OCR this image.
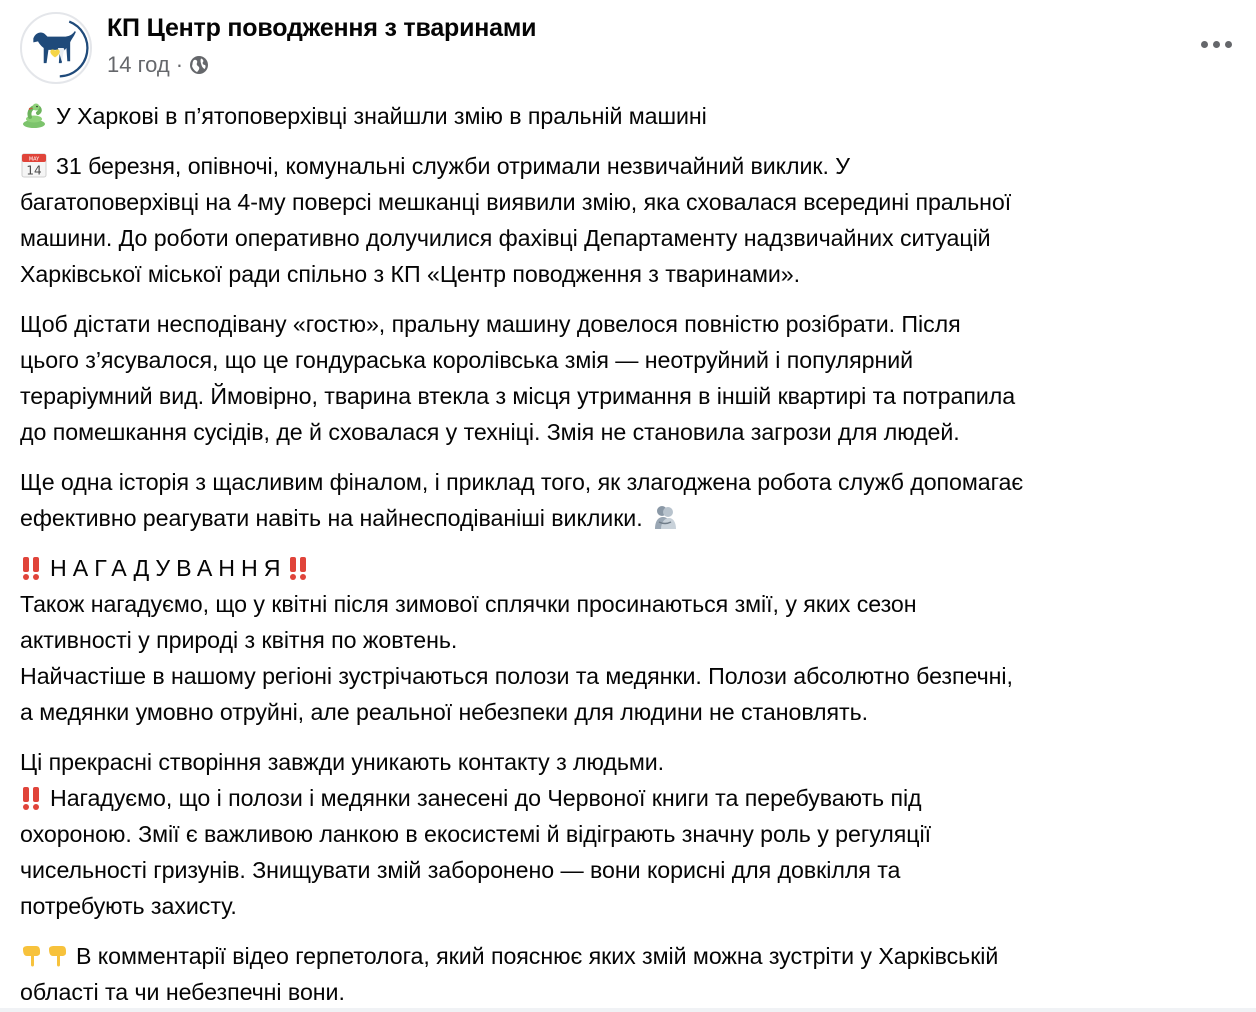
КП Центр поводження з тваринами
14 год ·
У Харкові в п’ятоповерхівці знайшли змію в пральній машині
MAY
14 31 березня, опівночі, комунальні служби отримали незвичайний виклик. У
багатоповерхівці на 4-му поверсі мешканці виявили змію, яка сховалася всередині пральної
машини. До роботи оперативно долучилися фахівці Департаменту надзвичайних ситуацій
Харківської міської ради спільно з КП «Центр поводження з тваринами».
Щоб дістати несподівану «гостю», пральну машину довелося повністю розібрати. Після
цього з’ясувалося, що це гондураська королівська змія — неотруйний і популярний
тераріумний вид. Ймовірно, тварина втекла з місця утримання в іншій квартирі та потрапила
до помешкання сусідів, де й сховалася у техніці. Змія не становила загрози для людей.
Ще одна історія з щасливим фіналом, і приклад того, як злагоджена робота служб допомагає
ефективно реагувати навіть на найнесподіваніші виклики.
НАГАДУВАННЯ
Також нагадуємо, що у квітні після зимової сплячки просинаються змії, у яких сезон
активності у природі з квітня по жовтень.
Найчастіше в нашому регіоні зустрічаються полози та медянки. Полози абсолютно безпечні,
а медянки умовно отруйні, але реальної небезпеки для людини не становлять.
Ці прекрасні створіння завжди уникають контакту з людьми.
Нагадуємо, що і полози і медянки занесені до Червоної книги та перебувають під
охороною. Змії є важливою ланкою в екосистемі й відіграють значну роль у регуляції
чисельності гризунів. Знищувати змій заборонено — вони корисні для довкілля та
потребують захисту.
В комментарії відео герпетолога, який пояснює яких змій можна зустріти у Харківській
області та чи небезпечні вони.
